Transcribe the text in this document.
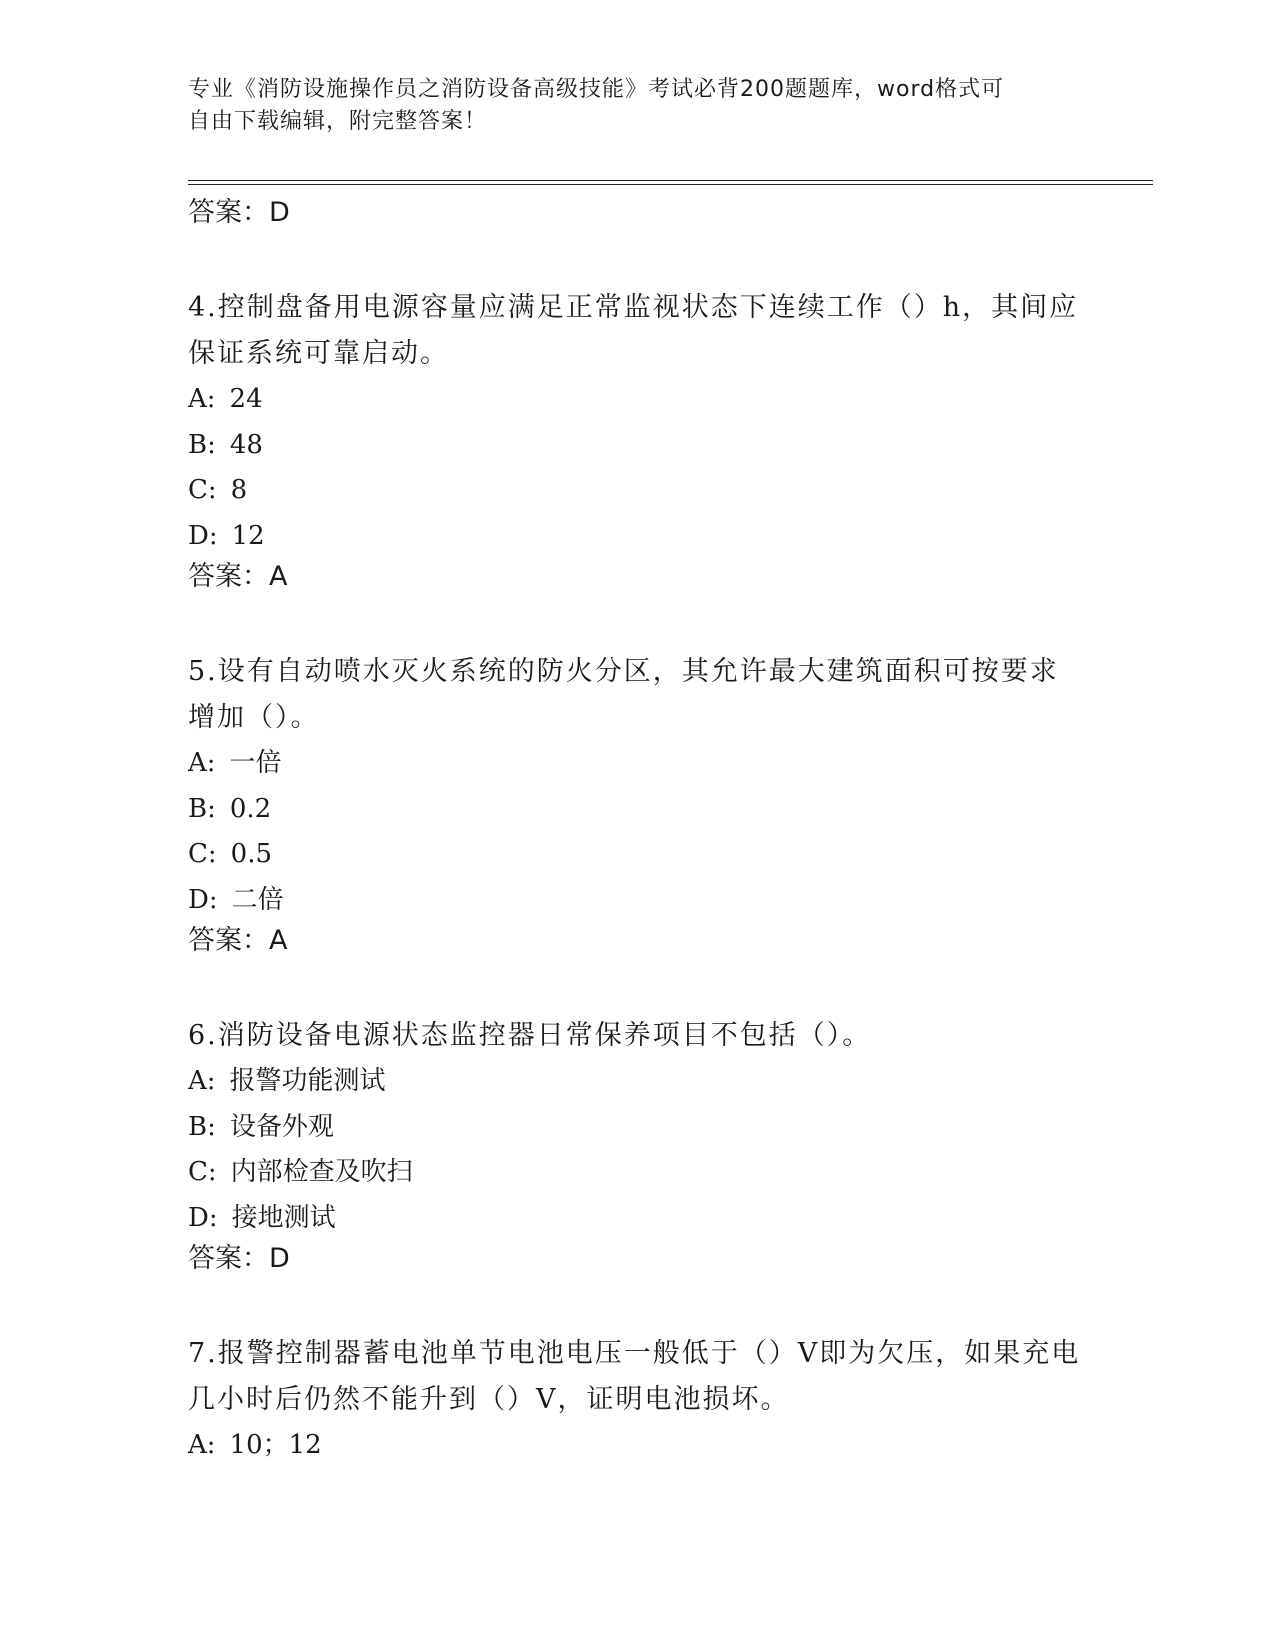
专业《消防设施操作员之消防设备高级技能》考试必背200题题库，word格式可
自由下载编辑，附完整答案！

答案：D

4.控制盘备用电源容量应满足正常监视状态下连续工作（）h，其间应

保证系统可靠启动。

A: 24

B: 48

C: 8

D: 12

答案：A

5.设有自动喷水灭火系统的防火分区，其允许最大建筑面积可按要求

增加（）。

A: 一倍

B: 0.2

C: 0.5

D: 二倍

答案：A

6.消防设备电源状态监控器日常保养项目不包括（）。

A: 报警功能测试

B: 设备外观

C: 内部检查及吹扫

D: 接地测试

答案：D

7.报警控制器蓄电池单节电池电压一般低于（）V即为欠压，如果充电

几小时后仍然不能升到（）V，证明电池损坏。

A: 10；12
